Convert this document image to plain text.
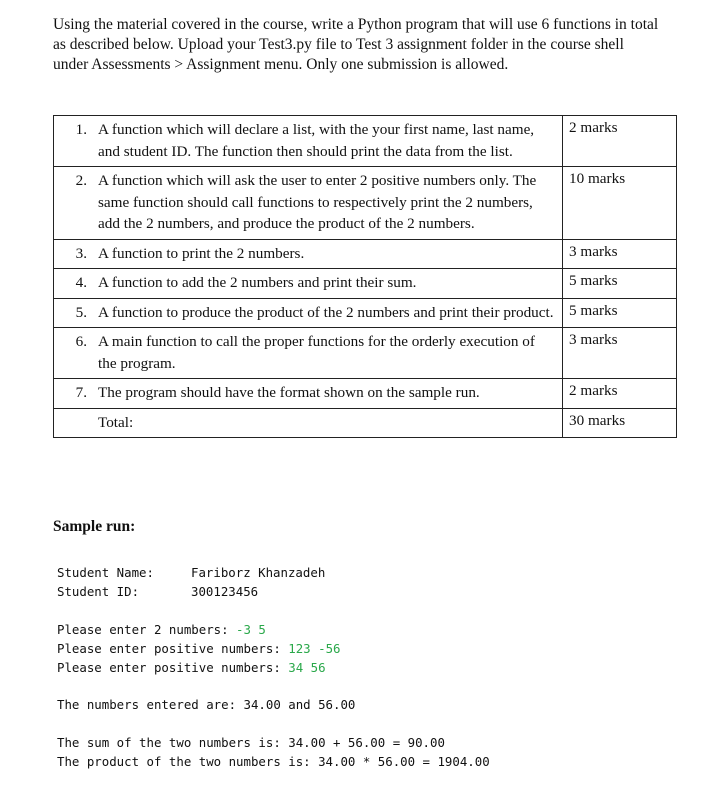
Using the material covered in the course, write a Python program that will use 6 functions in total as described below. Upload your Test3.py file to Test 3 assignment folder in the course shell under Assessments > Assignment menu. Only one submission is allowed.

1. A function which will declare a list, with the your first name, last name, and student ID. The function then should print the data from the list.	2 marks

2. A function which will ask the user to enter 2 positive numbers only. The same function should call functions to respectively print the 2 numbers, add the 2 numbers, and produce the product of the 2 numbers.	10 marks

3. A function to print the 2 numbers.	3 marks

4. A function to add the 2 numbers and print their sum.	5 marks

5. A function to produce the product of the 2 numbers and print their product.	5 marks

6. A main function to call the proper functions for the orderly execution of the program.	3 marks

7. The program should have the format shown on the sample run.	2 marks

Total:	30 marks

Sample run:

Student Name:	Fariborz Khanzadeh
Student ID:	300123456
Please enter 2 numbers: -3 5
Please enter positive numbers: 123 -56
Please enter positive numbers: 34 56
The numbers entered are: 34.00 and 56.00
The sum of the two numbers is: 34.00 + 56.00 = 90.00
The product of the two numbers is: 34.00 * 56.00 = 1904.00
